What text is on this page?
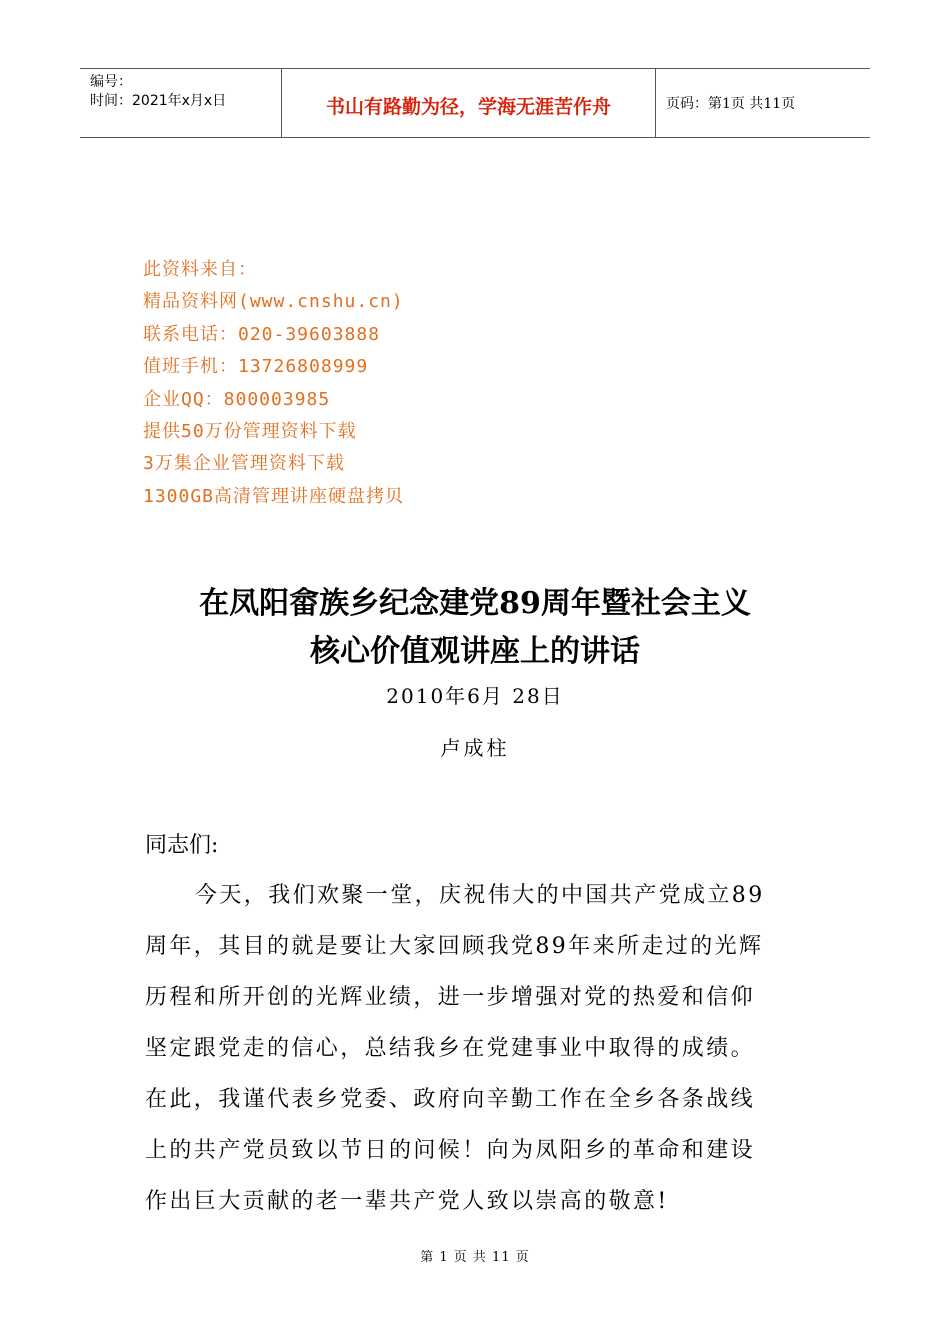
编号：
时间：2021年x月x日	书山有路勤为径，学海无涯苦作舟	页码：第1页 共11页
此资料来自：
精品资料网(www.cnshu.cn)
联系电话：020-39603888
值班手机：13726808999
企业QQ：800003985
提供50万份管理资料下载
3万集企业管理资料下载
1300GB高清管理讲座硬盘拷贝
在凤阳畲族乡纪念建党89周年暨社会主义
核心价值观讲座上的讲话
2010年6月 28日
卢成柱
同志们:
今天，我们欢聚一堂，庆祝伟大的中国共产党成立89
周年，其目的就是要让大家回顾我党89年来所走过的光辉
历程和所开创的光辉业绩，进一步增强对党的热爱和信仰
坚定跟党走的信心，总结我乡在党建事业中取得的成绩。
在此，我谨代表乡党委、政府向辛勤工作在全乡各条战线
上的共产党员致以节日的问候！向为凤阳乡的革命和建设
作出巨大贡献的老一辈共产党人致以崇高的敬意!
第 1 页 共 11 页
